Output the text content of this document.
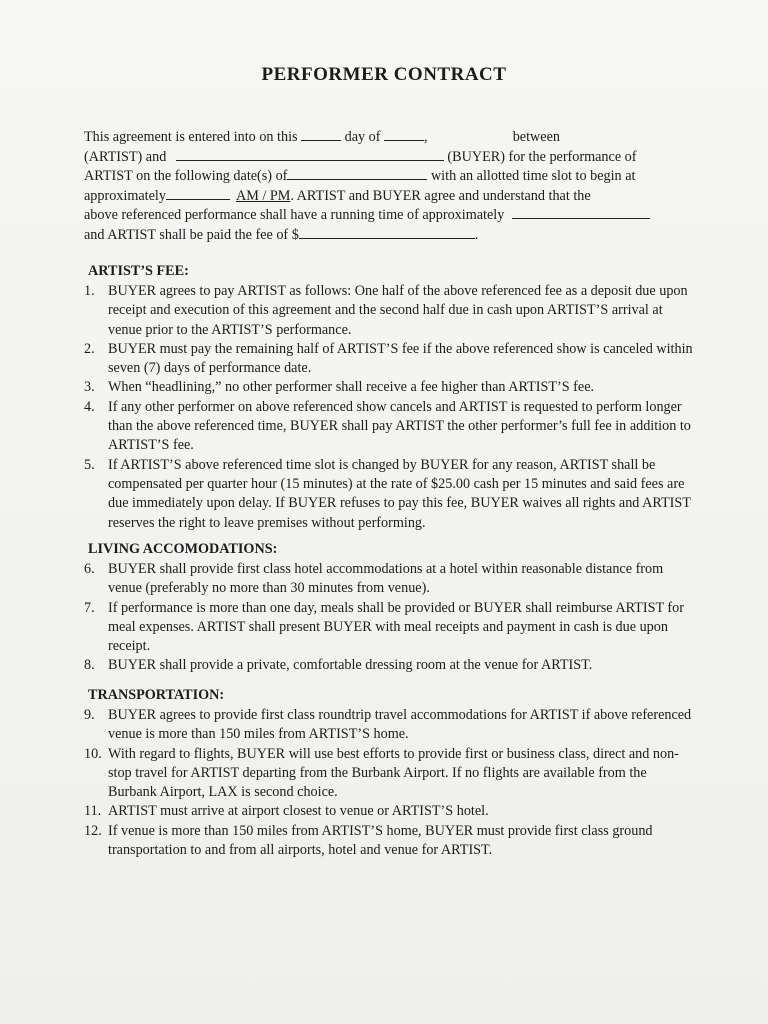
PERFORMER CONTRACT
This agreement is entered into on this	day of	,	between
(ARTIST) and	(BUYER) for the performance of
ARTIST on the following date(s) of	with an allotted time slot to begin at
approximately	AM / PM. ARTIST and BUYER agree and understand that the
above referenced performance shall have a running time of approximately
and ARTIST shall be paid the fee of $	.
ARTIST’S FEE:
1. BUYER agrees to pay ARTIST as follows: One half of the above referenced fee as a deposit due upon receipt and execution of this agreement and the second half due in cash upon ARTIST’S arrival at venue prior to the ARTIST’S performance.
2. BUYER must pay the remaining half of ARTIST’S fee if the above referenced show is canceled within seven (7) days of performance date.
3. When “headlining,” no other performer shall receive a fee higher than ARTIST’S fee.
4. If any other performer on above referenced show cancels and ARTIST is requested to perform longer than the above referenced time, BUYER shall pay ARTIST the other performer’s full fee in addition to ARTIST’S fee.
5. If ARTIST’S above referenced time slot is changed by BUYER for any reason, ARTIST shall be compensated per quarter hour (15 minutes) at the rate of $25.00 cash per 15 minutes and said fees are due immediately upon delay. If BUYER refuses to pay this fee, BUYER waives all rights and ARTIST reserves the right to leave premises without performing.
LIVING ACCOMODATIONS:
6. BUYER shall provide first class hotel accommodations at a hotel within reasonable distance from venue (preferably no more than 30 minutes from venue).
7. If performance is more than one day, meals shall be provided or BUYER shall reimburse ARTIST for meal expenses. ARTIST shall present BUYER with meal receipts and payment in cash is due upon receipt.
8. BUYER shall provide a private, comfortable dressing room at the venue for ARTIST.
TRANSPORTATION:
9. BUYER agrees to provide first class roundtrip travel accommodations for ARTIST if above referenced venue is more than 150 miles from ARTIST’S home.
10. With regard to flights, BUYER will use best efforts to provide first or business class, direct and non-stop travel for ARTIST departing from the Burbank Airport. If no flights are available from the Burbank Airport, LAX is second choice.
11. ARTIST must arrive at airport closest to venue or ARTIST’S hotel.
12. If venue is more than 150 miles from ARTIST’S home, BUYER must provide first class ground transportation to and from all airports, hotel and venue for ARTIST.
